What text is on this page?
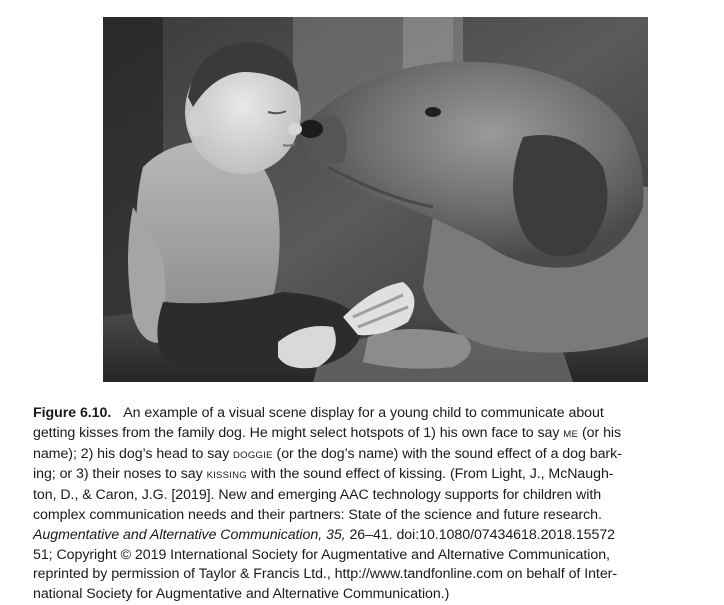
Figure 6.10. An example of a visual scene display for a young child to communicate about
getting kisses from the family dog. He might select hotspots of 1) his own face to say ME (or his
name); 2) his dog’s head to say DOGGIE (or the dog’s name) with the sound effect of a dog bark-
ing; or 3) their noses to say KISSING with the sound effect of kissing. (From Light, J., McNaugh-
ton, D., & Caron, J.G. [2019]. New and emerging AAC technology supports for children with
complex communication needs and their partners: State of the science and future research.
Augmentative and Alternative Communication, 35, 26–41. doi:10.1080/07434618.2018.15572
51; Copyright © 2019 International Society for Augmentative and Alternative Communication,
reprinted by permission of Taylor & Francis Ltd., http://www.tandfonline.com on behalf of Inter-
national Society for Augmentative and Alternative Communication.)
